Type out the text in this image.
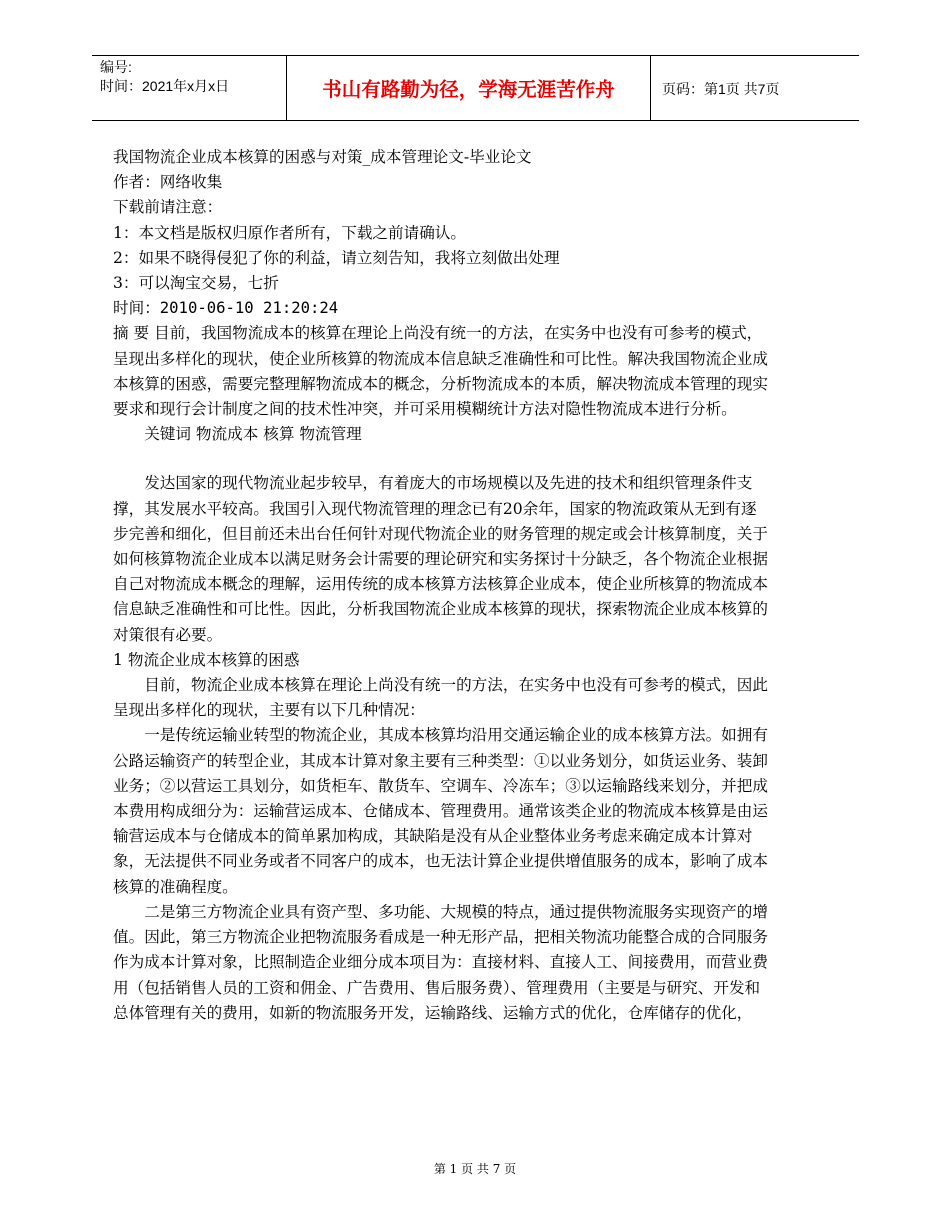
编号:
时间：2021年x月x日	书山有路勤为径，学海无涯苦作舟	页码：第1页 共7页

我国物流企业成本核算的困惑与对策_成本管理论文-毕业论文

作者：网络收集

下载前请注意：

1：本文档是版权归原作者所有，下载之前请确认。

2：如果不晓得侵犯了你的利益，请立刻告知，我将立刻做出处理

3：可以淘宝交易，七折

时间：2010-06-10 21:20:24

摘 要 目前，我国物流成本的核算在理论上尚没有统一的方法，在实务中也没有可参考的模式，呈现出多样化的现状，使企业所核算的物流成本信息缺乏准确性和可比性。解决我国物流企业成本核算的困惑，需要完整理解物流成本的概念，分析物流成本的本质，解决物流成本管理的现实要求和现行会计制度之间的技术性冲突，并可采用模糊统计方法对隐性物流成本进行分析。

关键词 物流成本 核算 物流管理

发达国家的现代物流业起步较早，有着庞大的市场规模以及先进的技术和组织管理条件支撑，其发展水平较高。我国引入现代物流管理的理念已有20余年，国家的物流政策从无到有逐步完善和细化，但目前还未出台任何针对现代物流企业的财务管理的规定或会计核算制度，关于如何核算物流企业成本以满足财务会计需要的理论研究和实务探讨十分缺乏，各个物流企业根据自己对物流成本概念的理解，运用传统的成本核算方法核算企业成本，使企业所核算的物流成本信息缺乏准确性和可比性。因此，分析我国物流企业成本核算的现状，探索物流企业成本核算的对策很有必要。

1 物流企业成本核算的困惑

目前，物流企业成本核算在理论上尚没有统一的方法，在实务中也没有可参考的模式，因此呈现出多样化的现状，主要有以下几种情况：

一是传统运输业转型的物流企业，其成本核算均沿用交通运输企业的成本核算方法。如拥有公路运输资产的转型企业，其成本计算对象主要有三种类型：①以业务划分，如货运业务、装卸业务；②以营运工具划分，如货柜车、散货车、空调车、冷冻车；③以运输路线来划分，并把成本费用构成细分为：运输营运成本、仓储成本、管理费用。通常该类企业的物流成本核算是由运输营运成本与仓储成本的简单累加构成，其缺陷是没有从企业整体业务考虑来确定成本计算对象，无法提供不同业务或者不同客户的成本，也无法计算企业提供增值服务的成本，影响了成本核算的准确程度。

二是第三方物流企业具有资产型、多功能、大规模的特点，通过提供物流服务实现资产的增值。因此，第三方物流企业把物流服务看成是一种无形产品，把相关物流功能整合成的合同服务作为成本计算对象，比照制造企业细分成本项目为：直接材料、直接人工、间接费用，而营业费用（包括销售人员的工资和佣金、广告费用、售后服务费）、管理费用（主要是与研究、开发和总体管理有关的费用，如新的物流服务开发，运输路线、运输方式的优化，仓库储存的优化，

第 1 页 共 7 页
